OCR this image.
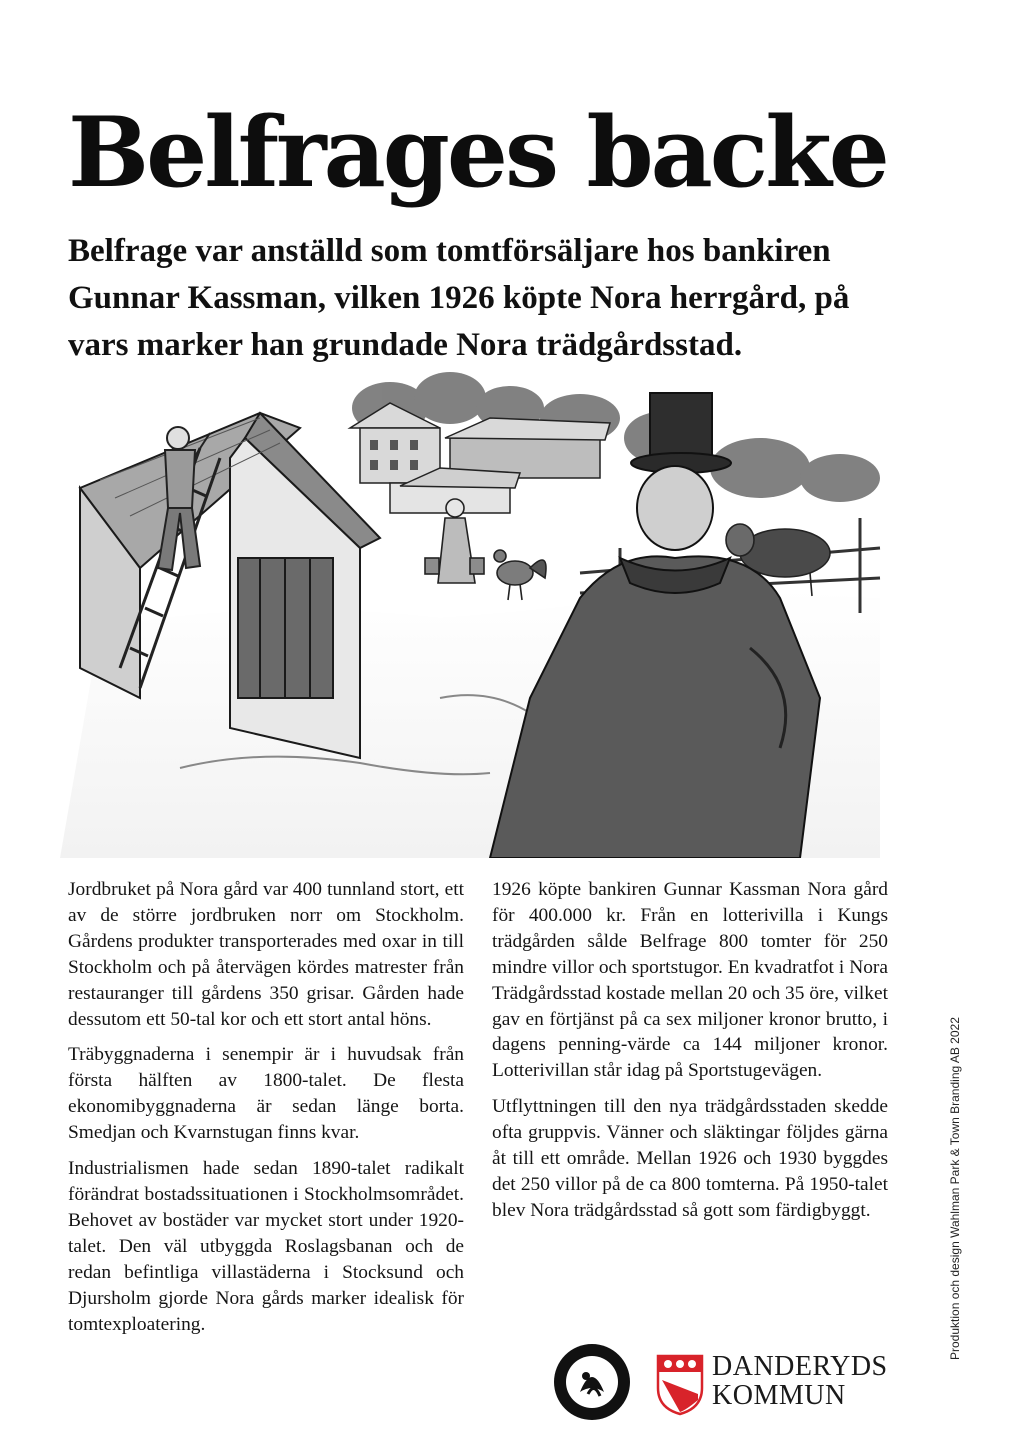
Belfrages backe

Belfrage var anställd som tomtförsäljare hos bankiren Gunnar Kassman, vilken 1926 köpte Nora herrgård, på vars marker han grundade Nora trädgårdsstad.

Jordbruket på Nora gård var 400 tunnland stort, ett av de större jordbruken norr om Stockholm. Gårdens produkter transporterades med oxar in till Stockholm och på återvägen kördes matrester från restauranger till gårdens 350 grisar. Gården hade dessutom ett 50-tal kor och ett stort antal höns.

Träbyggnaderna i senempir är i huvudsak från första hälften av 1800-talet. De flesta ekonomibyggnaderna är sedan länge borta. Smedjan och Kvarnstugan finns kvar.

Industrialismen hade sedan 1890-talet radikalt förändrat bostadssituationen i Stockholmsområdet. Behovet av bostäder var mycket stort under 1920-talet. Den väl utbyggda Roslagsbanan och de redan befintliga villastäderna i Stocksund och Djursholm gjorde Nora gårds marker idealisk för tomtexploatering.

1926 köpte bankiren Gunnar Kassman Nora gård för 400.000 kr. Från en lotterivilla i Kungs trädgården sålde Belfrage 800 tomter för 250 mindre villor och sportstugor. En kvadratfot i Nora Trädgårdsstad kostade mellan 20 och 35 öre, vilket gav en förtjänst på ca sex miljoner kronor brutto, i dagens penning-värde ca 144 miljoner kronor. Lotterivillan står idag på Sportstugevägen.

Utflyttningen till den nya trädgårdsstaden skedde ofta gruppvis. Vänner och släktingar följdes gärna åt till ett område. Mellan 1926 och 1930 byggdes det 250 villor på de ca 800 tomterna. På 1950-talet blev Nora trädgårdsstad så gott som färdigbyggt.	Produktion och design Wahlman Park & Town Branding AB 2022
DANDERYDS
KOMMUN
